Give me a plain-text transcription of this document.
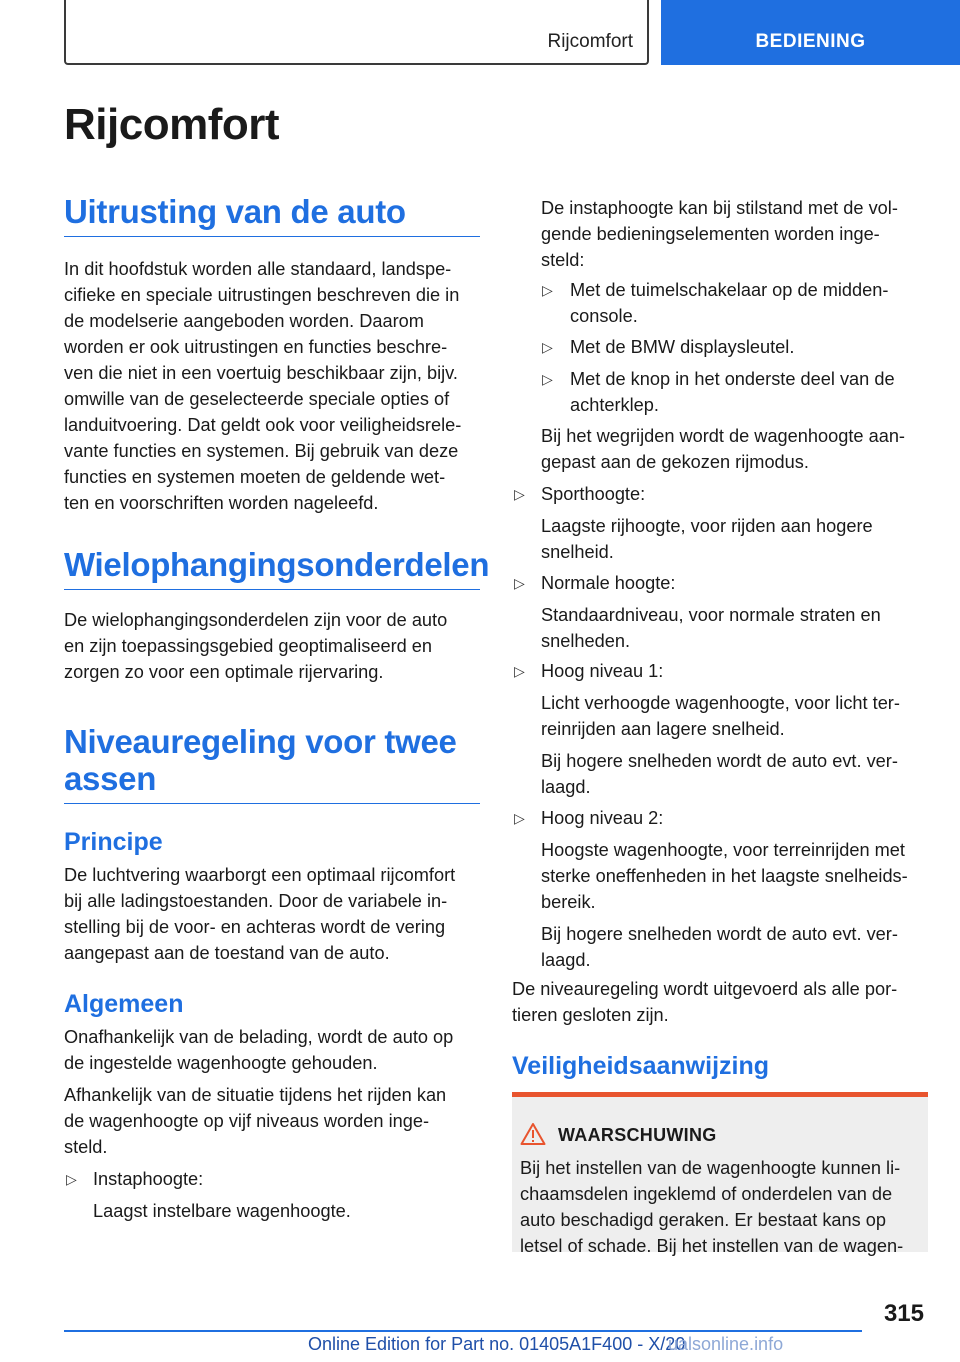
Rijcomfort	BEDIENING
Rijcomfort
Uitrusting van de auto
In dit hoofdstuk worden alle standaard, landspe-
cifieke en speciale uitrustingen beschreven die in
de modelserie aangeboden worden. Daarom
worden er ook uitrustingen en functies beschre-
ven die niet in een voertuig beschikbaar zijn, bijv.
omwille van de geselecteerde speciale opties of
landuitvoering. Dat geldt ook voor veiligheidsrele-
vante functies en systemen. Bij gebruik van deze
functies en systemen moeten de geldende wet-
ten en voorschriften worden nageleefd.
Wielophangingsonderdelen
De wielophangingsonderdelen zijn voor de auto
en zijn toepassingsgebied geoptimaliseerd en
zorgen zo voor een optimale rijervaring.
Niveauregeling voor twee
assen
Principe
De luchtvering waarborgt een optimaal rijcomfort
bij alle ladingstoestanden. Door de variabele in-
stelling bij de voor- en achteras wordt de vering
aangepast aan de toestand van de auto.
Algemeen
Onafhankelijk van de belading, wordt de auto op
de ingestelde wagenhoogte gehouden.
Afhankelijk van de situatie tijdens het rijden kan
de wagenhoogte op vijf niveaus worden inge-
steld.
▷ Instaphoogte:
Laagst instelbare wagenhoogte.
De instaphoogte kan bij stilstand met de vol-
gende bedieningselementen worden inge-
steld:
▷ Met de tuimelschakelaar op de midden-
console.
▷ Met de BMW displaysleutel.
▷ Met de knop in het onderste deel van de
achterklep.
Bij het wegrijden wordt de wagenhoogte aan-
gepast aan de gekozen rijmodus.
▷ Sporthoogte:
Laagste rijhoogte, voor rijden aan hogere
snelheid.
▷ Normale hoogte:
Standaardniveau, voor normale straten en
snelheden.
▷ Hoog niveau 1:
Licht verhoogde wagenhoogte, voor licht ter-
reinrijden aan lagere snelheid.
Bij hogere snelheden wordt de auto evt. ver-
laagd.
▷ Hoog niveau 2:
Hoogste wagenhoogte, voor terreinrijden met
sterke oneffenheden in het laagste snelheids-
bereik.
Bij hogere snelheden wordt de auto evt. ver-
laagd.
De niveauregeling wordt uitgevoerd als alle por-
tieren gesloten zijn.
Veiligheidsaanwijzing
WAARSCHUWING
Bij het instellen van de wagenhoogte kunnen li-
chaamsdelen ingeklemd of onderdelen van de
auto beschadigd geraken. Er bestaat kans op
letsel of schade. Bij het instellen van de wagen-
315
Online Edition for Part no. 01405A1F400 - X/20
ualsonline.info
